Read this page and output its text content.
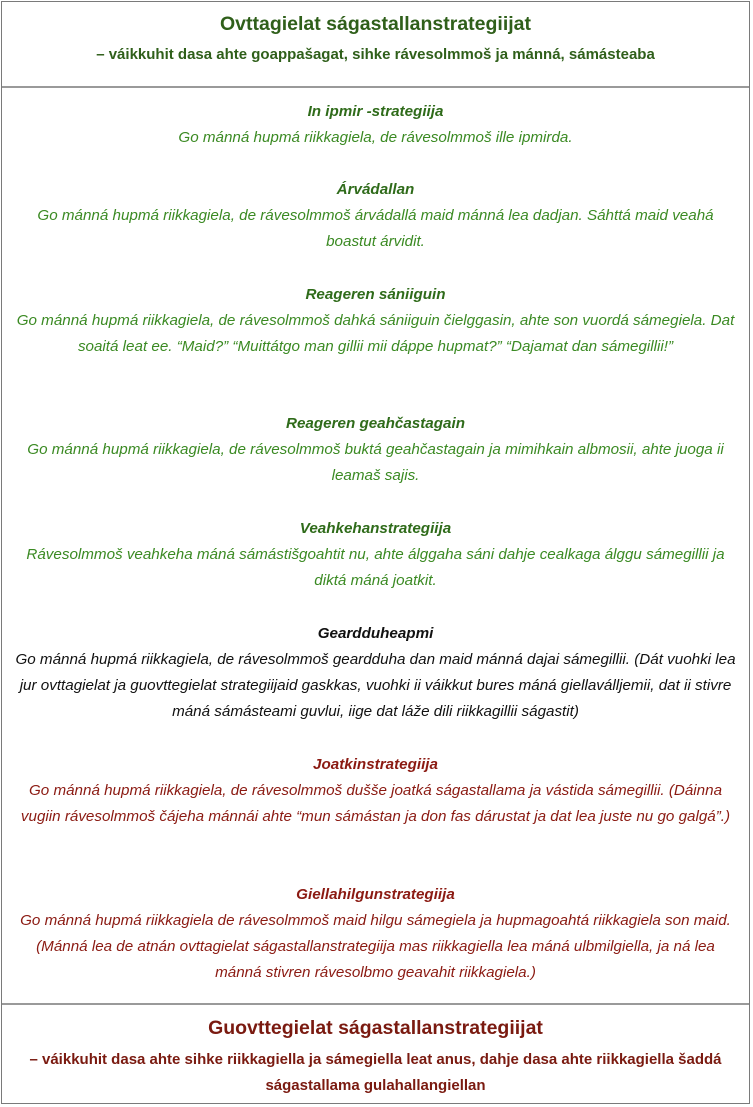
Ovttagielat ságastallanstrategiijat
– váikkuhit dasa ahte goappašagat, sihke rávesolmmoš ja mánná, sámásteaba
In ipmir -strategiija
Go mánná hupmá riikkagiela, de rávesolmmoš ille ipmirda.
Árvádallan
Go mánná hupmá riikkagiela, de rávesolmmoš árvádallá maid mánná lea dadjan. Sáhttá maid veahá boastut árvidit.
Reageren sániiguin
Go mánná hupmá riikkagiela, de rávesolmmoš dahká sániiguin čielggasin, ahte son vuordá sámegiela. Dat soaitá leat ee. “Maid?” “Muittátgo man gillii mii dáppe hupmat?” “Dajamat dan sámegillii!”
Reageren geahčastagain
Go mánná hupmá riikkagiela, de rávesolmmoš buktá geahčastagain ja mimihkain albmosii, ahte juoga ii leamaš sajis.
Veahkehanstrategiija
Rávesolmmoš veahkeha máná sámástišgoahtit nu, ahte álggaha sáni dahje cealkaga álggu sámegillii ja diktá máná joatkit.
Geardduheapmi
Go mánná hupmá riikkagiela, de rávesolmmoš geardduha dan maid mánná dajai sámegillii. (Dát vuohki lea jur ovttagielat ja guovttegielat strategiijaid gaskkas, vuohki ii váikkut bures máná giellaválljemii, dat ii stivre máná sámásteami guvlui, iige dat láže dili riikkagillii ságastit)
Joatkinstrategiija
Go mánná hupmá riikkagiela, de rávesolmmoš dušše joatká ságastallama ja vástida sámegillii. (Dáinna vugiin rávesolmmoš čájeha mánnái ahte “mun sámástan ja don fas dárustat ja dat lea juste nu go galgá”.)
Giellahilgunstrategiija
Go mánná hupmá riikkagiela de rávesolmmoš maid hilgu sámegiela ja hupmagoahtá riikkagiela son maid. (Mánná lea de atnán ovttagielat ságastallanstrategiija mas riikkagiella lea máná ulbmilgiella, ja ná lea mánná stivren rávesolbmo geavahit riikkagiela.)
Guovttegielat ságastallanstrategiijat
– váikkuhit dasa ahte sihke riikkagiella ja sámegiella leat anus, dahje dasa ahte riikkagiella šaddá ságastallama gulahallangiellan
